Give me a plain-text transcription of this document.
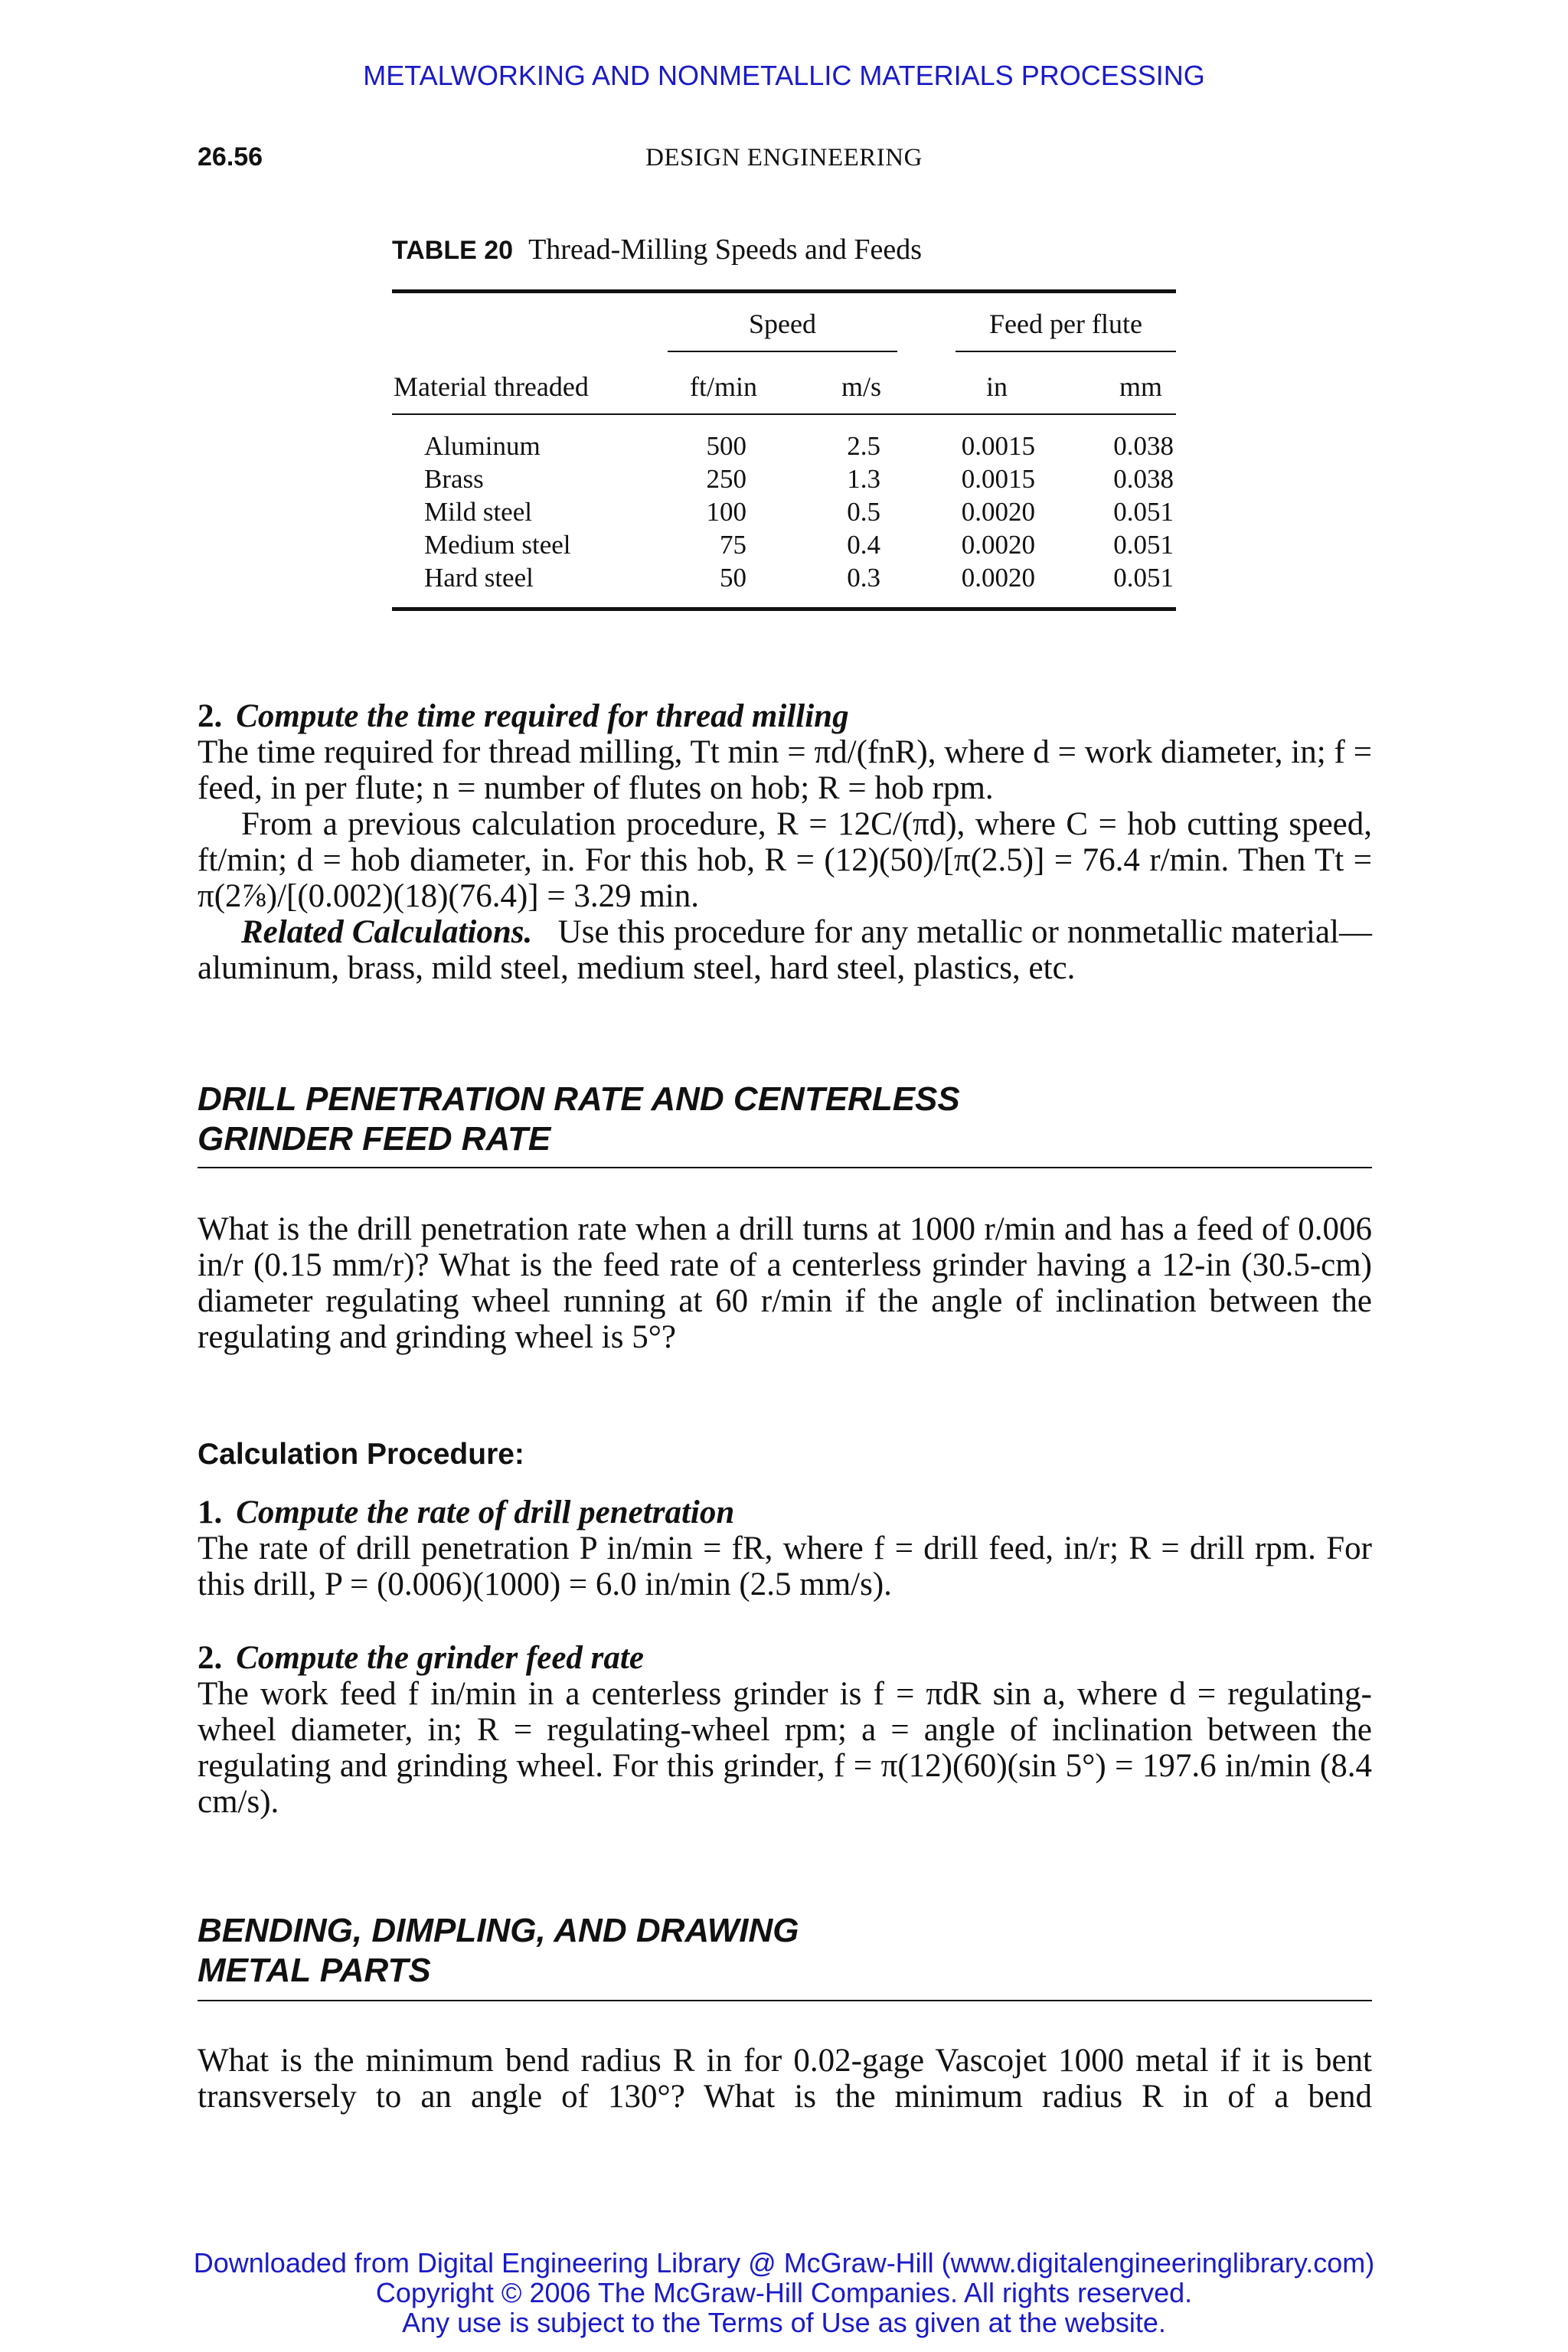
METALWORKING AND NONMETALLIC MATERIALS PROCESSING
26.56	DESIGN ENGINEERING
TABLE 20 Thread-Milling Speeds and Feeds
Speed	Feed per flute
Material threaded	ft/min	m/s	in	mm
Aluminum	500	2.5	0.0015	0.038
Brass	250	1.3	0.0015	0.038
Mild steel	100	0.5	0.0020	0.051
Medium steel	75	0.4	0.0020	0.051
Hard steel	50	0.3	0.0020	0.051

2. Compute the time required for thread milling

The time required for thread milling, Tt min = πd/(fnR), where d = work diameter, in; f = feed, in per flute; n = number of flutes on hob; R = hob rpm.

From a previous calculation procedure, R = 12C/(πd), where C = hob cutting speed, ft/min; d = hob diameter, in. For this hob, R = (12)(50)/[π(2.5)] = 76.4 r/min. Then Tt = π(2⅞)/[(0.002)(18)(76.4)] = 3.29 min.

Related Calculations. Use this procedure for any metallic or nonmetallic material—aluminum, brass, mild steel, medium steel, hard steel, plastics, etc.

DRILL PENETRATION RATE AND CENTERLESS
GRINDER FEED RATE

What is the drill penetration rate when a drill turns at 1000 r/min and has a feed of 0.006 in/r (0.15 mm/r)? What is the feed rate of a centerless grinder having a 12-in (30.5-cm) diameter regulating wheel running at 60 r/min if the angle of inclination between the regulating and grinding wheel is 5°?

Calculation Procedure:

1. Compute the rate of drill penetration

The rate of drill penetration P in/min = fR, where f = drill feed, in/r; R = drill rpm. For this drill, P = (0.006)(1000) = 6.0 in/min (2.5 mm/s).

2. Compute the grinder feed rate

The work feed f in/min in a centerless grinder is f = πdR sin a, where d = regulating-wheel diameter, in; R = regulating-wheel rpm; a = angle of inclination between the regulating and grinding wheel. For this grinder, f = π(12)(60)(sin 5°) = 197.6 in/min (8.4 cm/s).

BENDING, DIMPLING, AND DRAWING
METAL PARTS

What is the minimum bend radius R in for 0.02-gage Vascojet 1000 metal if it is bent transversely to an angle of 130°? What is the minimum radius R in of a bend

Downloaded from Digital Engineering Library @ McGraw-Hill (www.digitalengineeringlibrary.com)
Copyright © 2006 The McGraw-Hill Companies. All rights reserved.
Any use is subject to the Terms of Use as given at the website.
